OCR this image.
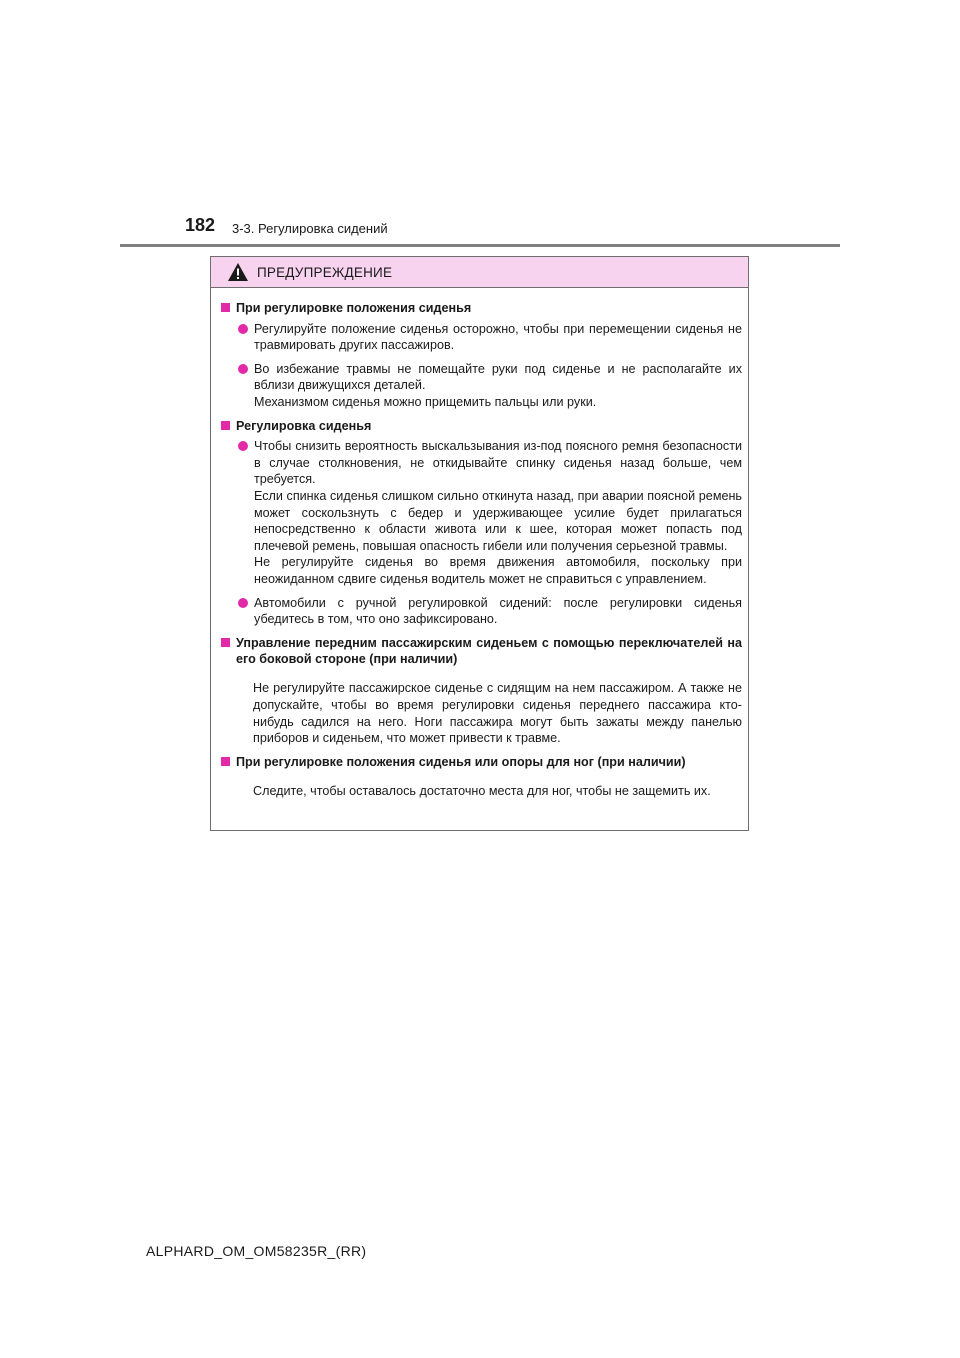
182 3-3. Регулировка сидений
ПРЕДУПРЕЖДЕНИЕ
При регулировке положения сиденья

Регулируйте положение сиденья осторожно, чтобы при перемещении сиденья не травмировать других пассажиров.

Во избежание травмы не помещайте руки под сиденье и не располагайте их вблизи движущихся деталей.

Механизмом сиденья можно прищемить пальцы или руки.

Регулировка сиденья

Чтобы снизить вероятность выскальзывания из-под поясного ремня безопасности в случае столкновения, не откидывайте спинку сиденья назад больше, чем требуется.

Если спинка сиденья слишком сильно откинута назад, при аварии поясной ремень может соскользнуть с бедер и удерживающее усилие будет прилагаться непосредственно к области живота или к шее, которая может попасть под плечевой ремень, повышая опасность гибели или получения серьезной травмы.

Не регулируйте сиденья во время движения автомобиля, поскольку при неожиданном сдвиге сиденья водитель может не справиться с управлением.

Автомобили с ручной регулировкой сидений: после регулировки сиденья убедитесь в том, что оно зафиксировано.

Управление передним пассажирским сиденьем с помощью переключателей на его боковой стороне (при наличии)

Не регулируйте пассажирское сиденье с сидящим на нем пассажиром. А также не допускайте, чтобы во время регулировки сиденья переднего пассажира кто-нибудь садился на него. Ноги пассажира могут быть зажаты между панелью приборов и сиденьем, что может привести к травме.

При регулировке положения сиденья или опоры для ног (при наличии)

Следите, чтобы оставалось достаточно места для ног, чтобы не защемить их.

ALPHARD_OM_OM58235R_(RR)
